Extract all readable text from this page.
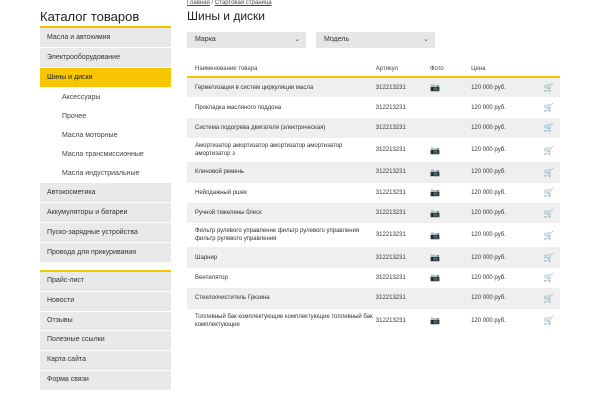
Каталог товаров
Масла и автохимия
Электрооборудование
Шины и диски
Аксессуары
Прочее
Масла моторные
Масла трансмиссионные
Масла индустриальные
Автокосметика
Аккумуляторы и батареи
Пуско-зарядные устройства
Провода для прикуривания
Прайс-лист
Новости
Отзывы
Полезные ссылки
Карта сайта
Форма связи
Главная / Стартовая страница
Шины и диски
Марка	⌄	Модель	⌄
Наименование товара	Артикул	Фото	Цена	
Герметизация в систем циркуляции масла	312213231	📷	120 000 руб.	🛒
Прокладка масляного поддона	312213231		120 000 руб.	🛒
Система подогрева двигателя (электрическая)	312213231		120 000 руб.	🛒
Амортизатор амортизатор амортизатор амортизатор амортизатор з	312213231	📷	120 000 руб.	🛒
Клиновой ремень	312213231	📷	120 000 руб.	🛒
Нейодажный ршек	312213231	📷	120 000 руб.	🛒
Ручной тяжелины блеск	312213231	📷	120 000 руб.	🛒
Фильтр рулевого управление фильтр рулевого управления фильтр рулевого управления	312213231	📷	120 000 руб.	🛒
Шарнир	312213231	📷	120 000 руб.	🛒
Вентилятор	312213231	📷	120 000 руб.	🛒
Стеклоочиститель Гркзина	312213231		120 000 руб.	🛒
Топливный бак комплектующие комплектующие топливный бак комплектующие	312213231	📷	120 000 руб.	🛒
